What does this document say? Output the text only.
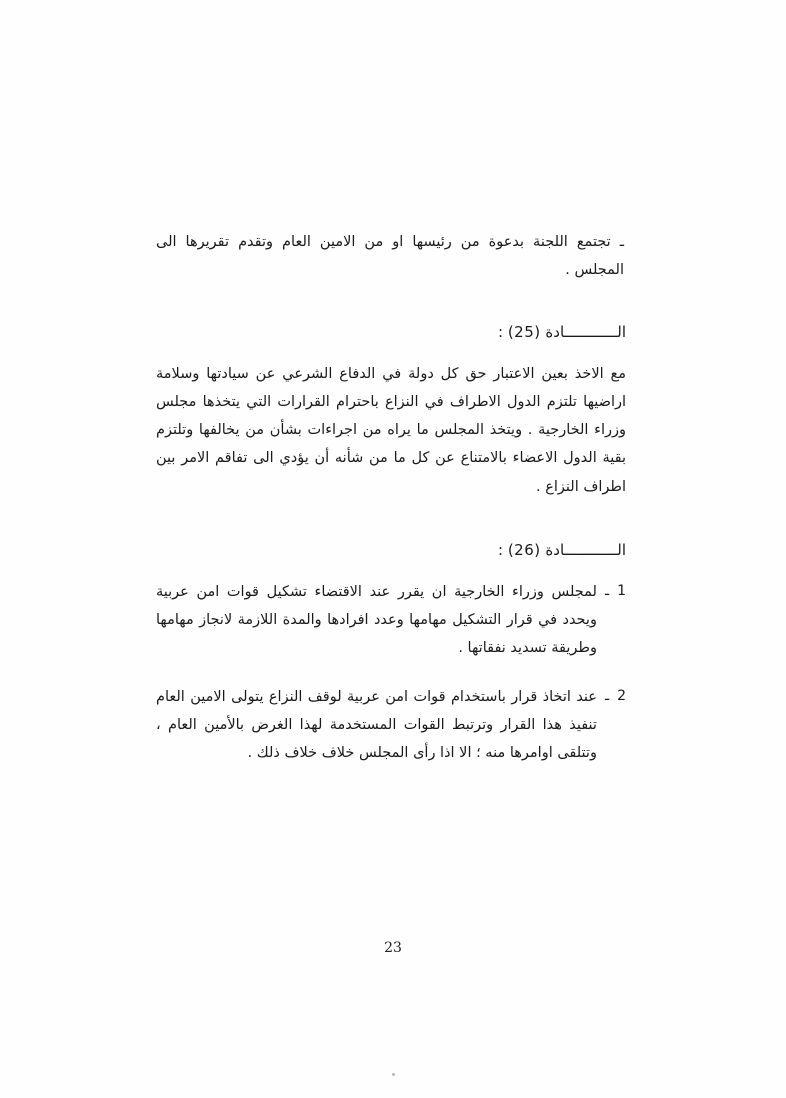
ـ تجتمع اللجنة بدعوة من رئيسها او من الامين العام وتقدم تقريرها الى المجلس .

الــــــــــــادة (25) :

مع الاخذ بعين الاعتبار حق كل دولة في الدفاع الشرعي عن سيادتها وسلامة اراضيها تلتزم الدول الاطراف في النزاع باحترام القرارات التي يتخذها مجلس وزراء الخارجية . ويتخذ المجلس ما يراه من اجراءات بشأن من يخالفها وتلتزم بقية الدول الاعضاء بالامتناع عن كل ما من شأنه أن يؤدي الى تفاقم الامر بين اطراف النزاع .

الــــــــــــادة (26) :
1
ـ
لمجلس وزراء الخارجية ان يقرر عند الاقتضاء تشكيل قوات امن عربية ويحدد في قرار التشكيل مهامها وعدد افرادها والمدة اللازمة لانجاز مهامها وطريقة تسديد نفقاتها .
2
ـ
عند اتخاذ قرار باستخدام قوات امن عربية لوقف النزاع يتولى الامين العام تنفيذ هذا القرار وترتبط القوات المستخدمة لهذا الغرض بالأمين العام ، وتتلقى اوامرها منه ؛ الا اذا رأى المجلس خلاف خلاف ذلك .
23
